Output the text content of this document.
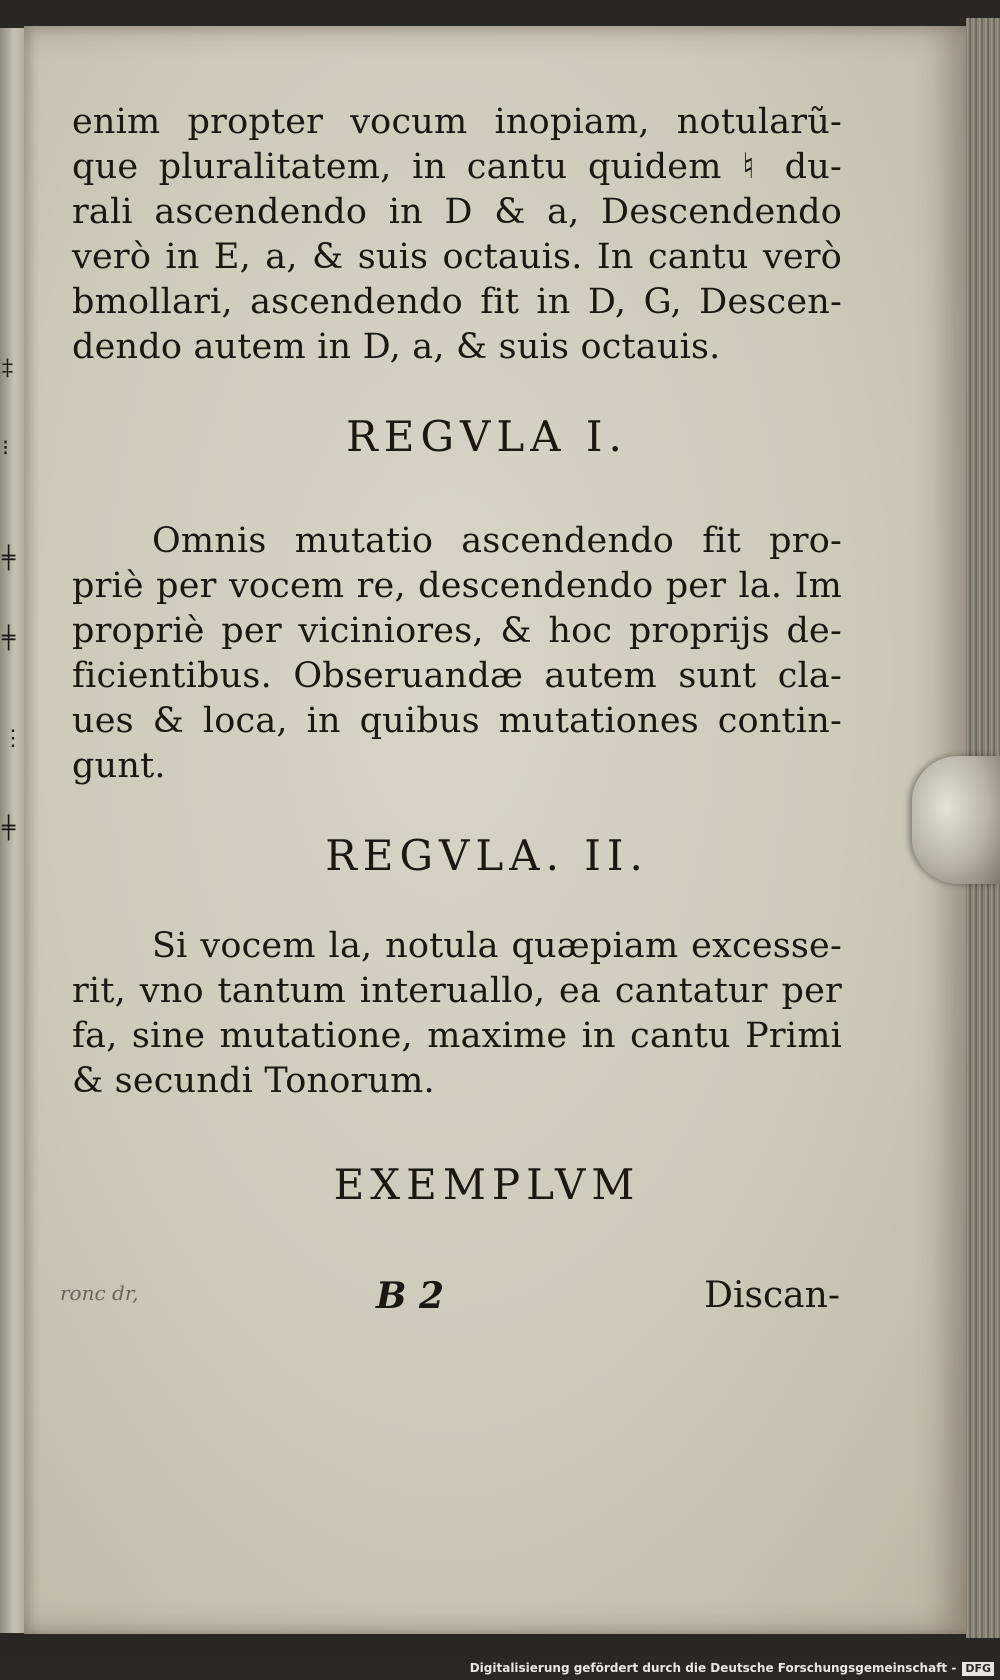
‡
⁝
╪
╪
⋮
╪
enim propter vocum inopiam, notularũ-
que pluralitatem, in cantu quidem ♮ du-
rali ascendendo in D & a, Descendendo
verò in E, a, & suis octauis. In cantu verò
bmollari, ascendendo fit in D, G, Descen-
dendo autem in D, a, & suis octauis.
REGVLA I.
Omnis mutatio ascendendo fit pro-
priè per vocem re, descendendo per la. Im
propriè per viciniores, & hoc proprijs de-
ficientibus. Obseruandæ autem sunt cla-
ues & loca, in quibus mutationes contin-
gunt.
REGVLA. II.
Si vocem la, notula quæpiam excesse-
rit, vno tantum interuallo, ea cantatur per
fa, sine mutatione, maxime in cantu Primi
& secundi Tonorum.
EXEMPLVM
ronc dr,	B 2	Discan-
Digitalisierung gefördert durch die Deutsche Forschungsgemeinschaft - DFG
